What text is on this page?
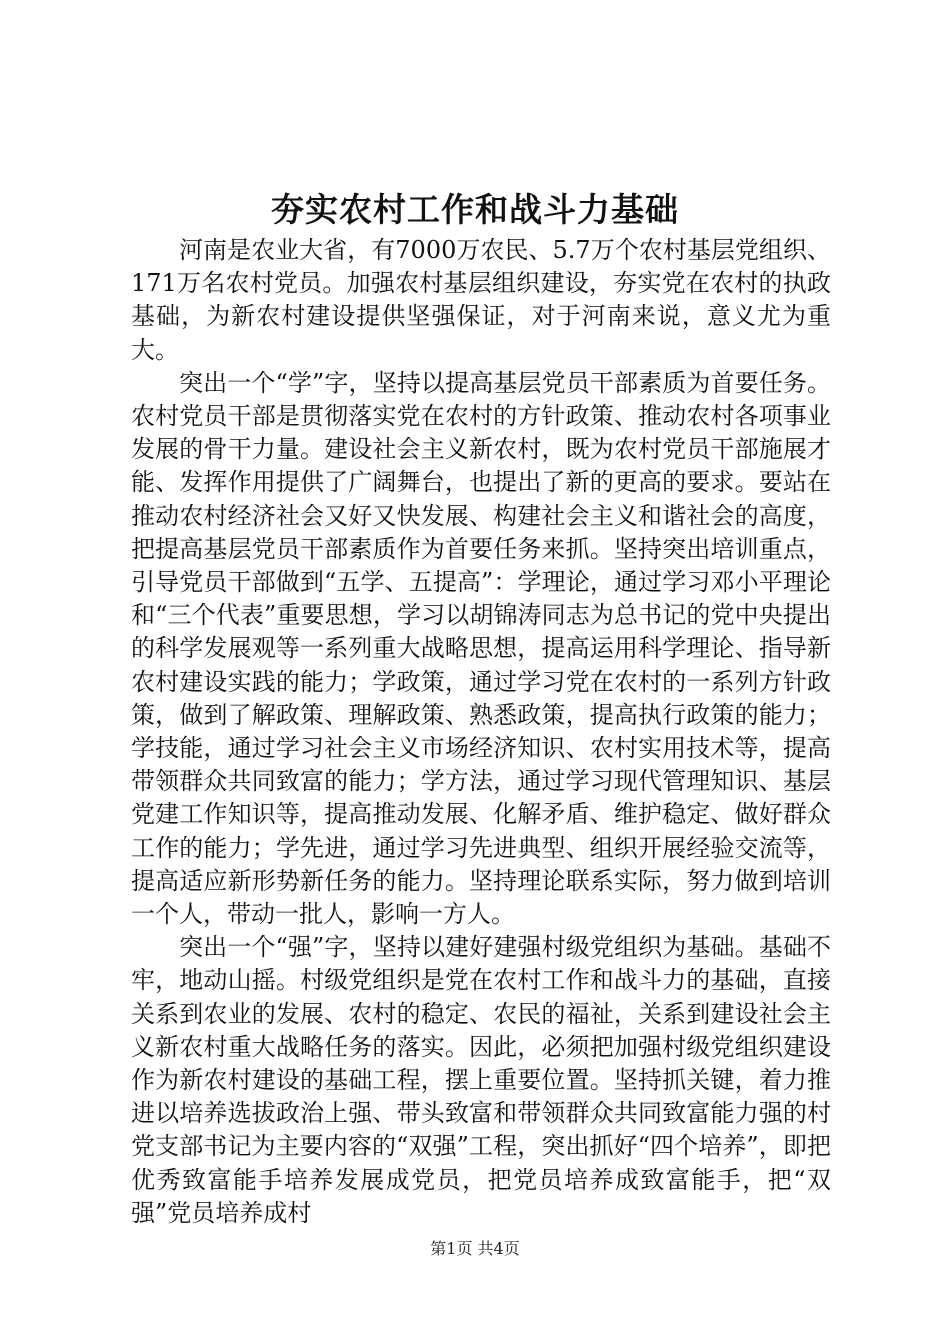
夯实农村工作和战斗力基础

河南是农业大省，有7000万农民、5.7万个农村基层党组织、171万名农村党员。加强农村基层组织建设，夯实党在农村的执政基础，为新农村建设提供坚强保证，对于河南来说，意义尤为重大。

突出一个“学”字，坚持以提高基层党员干部素质为首要任务。农村党员干部是贯彻落实党在农村的方针政策、推动农村各项事业发展的骨干力量。建设社会主义新农村，既为农村党员干部施展才能、发挥作用提供了广阔舞台，也提出了新的更高的要求。要站在推动农村经济社会又好又快发展、构建社会主义和谐社会的高度，把提高基层党员干部素质作为首要任务来抓。坚持突出培训重点，引导党员干部做到“五学、五提高”：学理论，通过学习邓小平理论和“三个代表”重要思想，学习以胡锦涛同志为总书记的党中央提出的科学发展观等一系列重大战略思想，提高运用科学理论、指导新农村建设实践的能力；学政策，通过学习党在农村的一系列方针政策，做到了解政策、理解政策、熟悉政策，提高执行政策的能力；学技能，通过学习社会主义市场经济知识、农村实用技术等，提高带领群众共同致富的能力；学方法，通过学习现代管理知识、基层党建工作知识等，提高推动发展、化解矛盾、维护稳定、做好群众工作的能力；学先进，通过学习先进典型、组织开展经验交流等，提高适应新形势新任务的能力。坚持理论联系实际，努力做到培训一个人，带动一批人，影响一方人。

突出一个“强”字，坚持以建好建强村级党组织为基础。基础不牢，地动山摇。村级党组织是党在农村工作和战斗力的基础，直接关系到农业的发展、农村的稳定、农民的福祉，关系到建设社会主义新农村重大战略任务的落实。因此，必须把加强村级党组织建设作为新农村建设的基础工程，摆上重要位置。坚持抓关键，着力推进以培养选拔政治上强、带头致富和带领群众共同致富能力强的村党支部书记为主要内容的“双强”工程，突出抓好“四个培养”，即把优秀致富能手培养发展成党员，把党员培养成致富能手，把“双强”党员培养成村

第1页 共4页
